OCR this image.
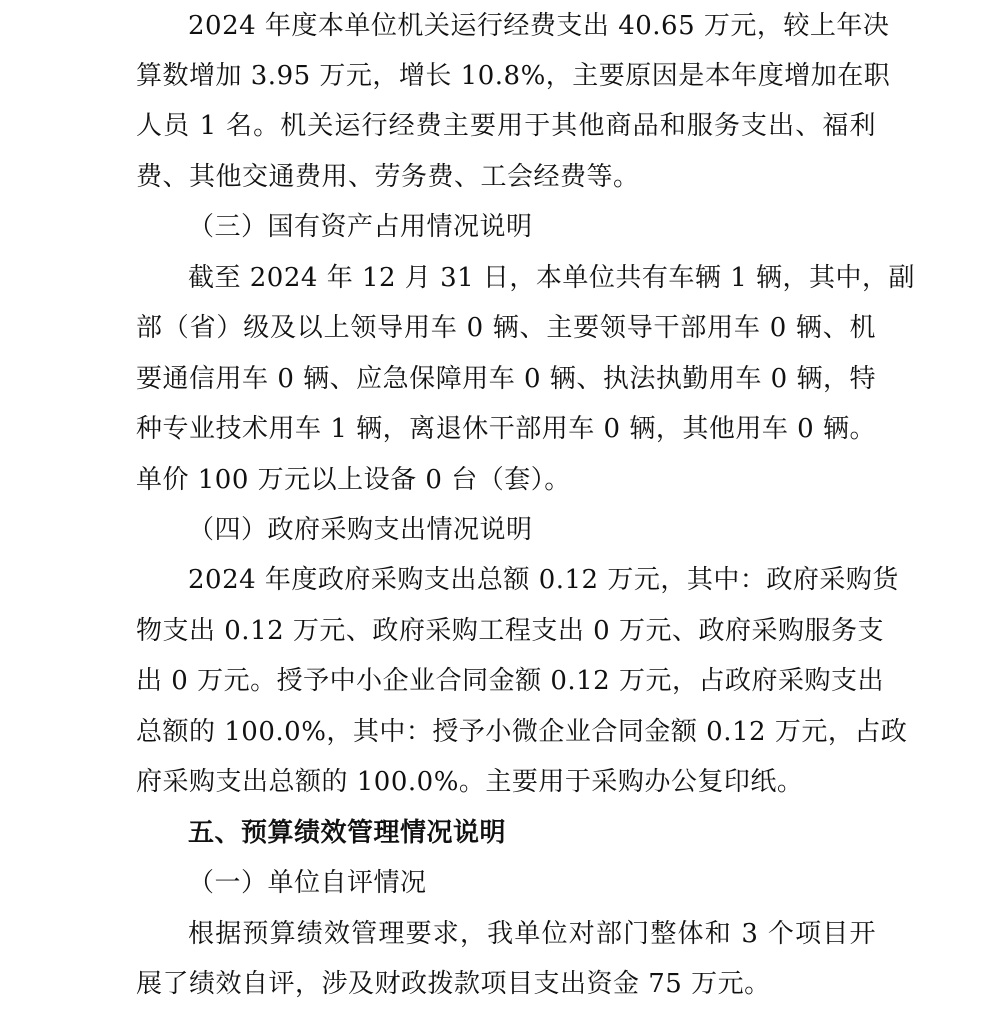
2024 年度本单位机关运行经费支出 40.65 万元，较上年决
算数增加 3.95 万元，增长 10.8%，主要原因是本年度增加在职
人员 1 名。机关运行经费主要用于其他商品和服务支出、福利
费、其他交通费用、劳务费、工会经费等。
（三）国有资产占用情况说明
截至 2024 年 12 月 31 日，本单位共有车辆 1 辆，其中，副
部（省）级及以上领导用车 0 辆、主要领导干部用车 0 辆、机
要通信用车 0 辆、应急保障用车 0 辆、执法执勤用车 0 辆，特
种专业技术用车 1 辆，离退休干部用车 0 辆，其他用车 0 辆。
单价 100 万元以上设备 0 台（套）。
（四）政府采购支出情况说明
2024 年度政府采购支出总额 0.12 万元，其中：政府采购货
物支出 0.12 万元、政府采购工程支出 0 万元、政府采购服务支
出 0 万元。授予中小企业合同金额 0.12 万元，占政府采购支出
总额的 100.0%，其中：授予小微企业合同金额 0.12 万元，占政
府采购支出总额的 100.0%。主要用于采购办公复印纸。
五、预算绩效管理情况说明
（一）单位自评情况
根据预算绩效管理要求，我单位对部门整体和 3 个项目开
展了绩效自评，涉及财政拨款项目支出资金 75 万元。
